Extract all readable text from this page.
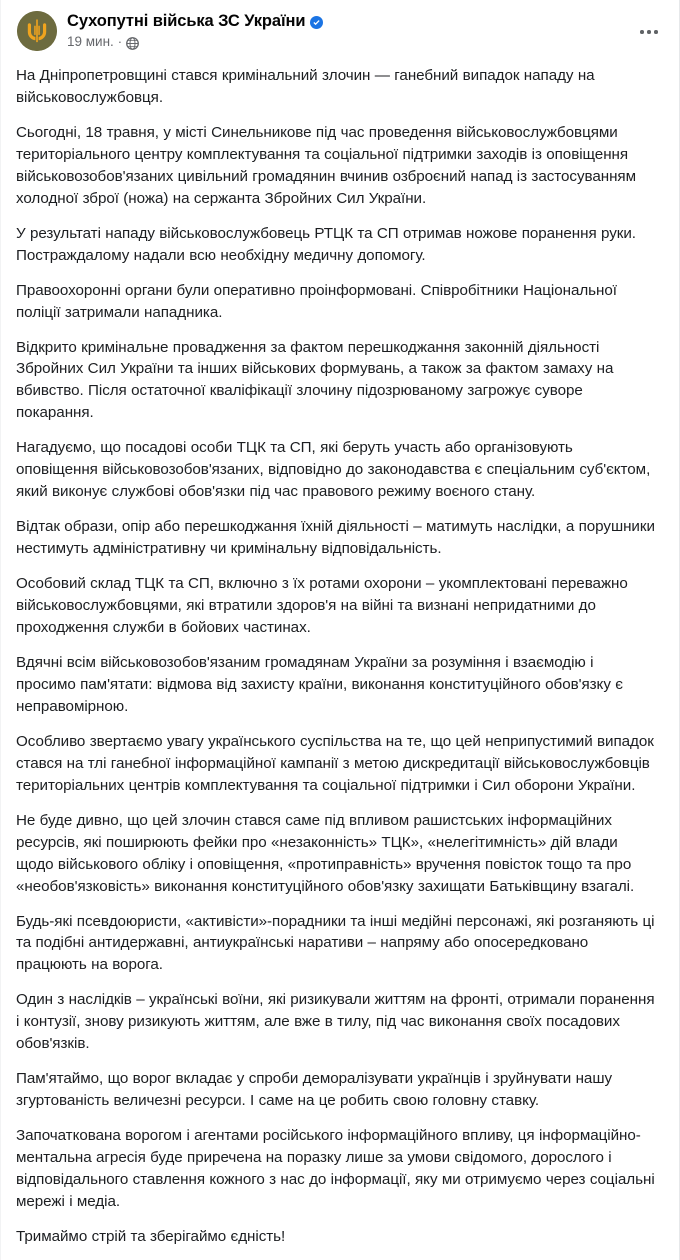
Сухопутні війська ЗС України
19 мин. ·

На Дніпропетровщині стався кримінальний злочин — ганебний випадок нападу на військовослужбовця.

Сьогодні, 18 травня, у місті Синельникове під час проведення військовослужбовцями територіального центру комплектування та соціальної підтримки заходів із оповіщення військовозобов'язаних цивільний громадянин вчинив озброєний напад із застосуванням холодної зброї (ножа) на сержанта Збройних Сил України.

У результаті нападу військовослужбовець РТЦК та СП отримав ножове поранення руки. Постраждалому надали всю необхідну медичну допомогу.

Правоохоронні органи були оперативно проінформовані. Співробітники Національної поліції затримали нападника.

Відкрито кримінальне провадження за фактом перешкоджання законній діяльності Збройних Сил України та інших військових формувань, а також за фактом замаху на вбивство. Після остаточної кваліфікації злочину підозрюваному загрожує суворе покарання.

Нагадуємо, що посадові особи ТЦК та СП, які беруть участь або організовують оповіщення військовозобов'язаних, відповідно до законодавства є спеціальним суб'єктом, який виконує службові обов'язки під час правового режиму воєного стану.

Відтак образи, опір або перешкоджання їхній діяльності – матимуть наслідки, а порушники нестимуть адміністративну чи кримінальну відповідальність.

Особовий склад ТЦК та СП, включно з їх ротами охорони – укомплектовані переважно військовослужбовцями, які втратили здоров'я на війні та визнані непридатними до проходження служби в бойових частинах.

Вдячні всім військовозобов'язаним громадянам України за розуміння і взаємодію і просимо пам'ятати: відмова від захисту країни, виконання конституційного обов'язку є неправомірною.

Особливо звертаємо увагу українського суспільства на те, що цей неприпустимий випадок стався на тлі ганебної інформаційної кампанії з метою дискредитації військовослужбовців територіальних центрів комплектування та соціальної підтримки і Сил оборони України.

Не буде дивно, що цей злочин стався саме під впливом рашистських інформаційних ресурсів, які поширюють фейки про «незаконність» ТЦК», «нелегітимність» дій влади щодо військового обліку і оповіщення, «протиправність» вручення повісток тощо та про «необов'язковість» виконання конституційного обов'язку захищати Батьківщину взагалі.

Будь-які псевдоюристи, «активісти»-порадники та інші медійні персонажі, які розганяють ці та подібні антидержавні, антиукраїнські наративи – напряму або опосередковано працюють на ворога.

Один з наслідків – українські воїни, які ризикували життям на фронті, отримали поранення і контузії, знову ризикують життям, але вже в тилу, під час виконання своїх посадових обов'язків.

Пам'ятаймо, що ворог вкладає у спроби деморалізувати українців і зруйнувати нашу згуртованість величезні ресурси. І саме на це робить свою головну ставку.

Започаткована ворогом і агентами російського інформаційного впливу, ця інформаційно-ментальна агресія буде приречена на поразку лише за умови свідомого, дорослого і відповідального ставлення кожного з нас до інформації, яку ми отримуємо через соціальні мережі і медіа.

Тримаймо стрій та зберігаймо єдність!
